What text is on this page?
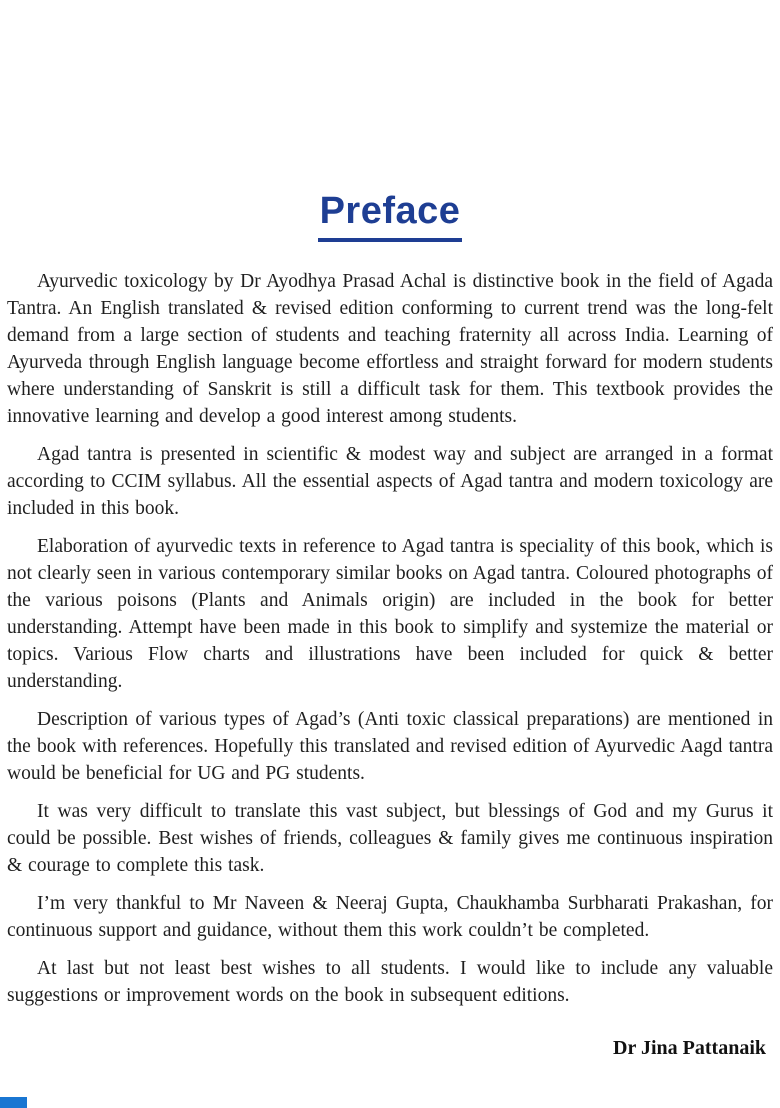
Preface

Ayurvedic toxicology by Dr Ayodhya Prasad Achal is distinctive book in the field of Agada Tantra. An English translated & revised edition conforming to current trend was the long-felt demand from a large section of students and teaching fraternity all across India. Learning of Ayurveda through English language become effortless and straight forward for modern students where understanding of Sanskrit is still a difficult task for them. This textbook provides the innovative learning and develop a good interest among students.

Agad tantra is presented in scientific & modest way and subject are arranged in a format according to CCIM syllabus. All the essential aspects of Agad tantra and modern toxicology are included in this book.

Elaboration of ayurvedic texts in reference to Agad tantra is speciality of this book, which is not clearly seen in various contemporary similar books on Agad tantra. Coloured photographs of the various poisons (Plants and Animals origin) are included in the book for better understanding. Attempt have been made in this book to simplify and systemize the material or topics. Various Flow charts and illustrations have been included for quick & better understanding.

Description of various types of Agad’s (Anti toxic classical preparations) are mentioned in the book with references. Hopefully this translated and revised edition of Ayurvedic Aagd tantra would be beneficial for UG and PG students.

It was very difficult to translate this vast subject, but blessings of God and my Gurus it could be possible. Best wishes of friends, colleagues & family gives me continuous inspiration & courage to complete this task.

I’m very thankful to Mr Naveen & Neeraj Gupta, Chaukhamba Surbharati Prakashan, for continuous support and guidance, without them this work couldn’t be completed.

At last but not least best wishes to all students. I would like to include any valuable suggestions or improvement words on the book in subsequent editions.

Dr Jina Pattanaik
